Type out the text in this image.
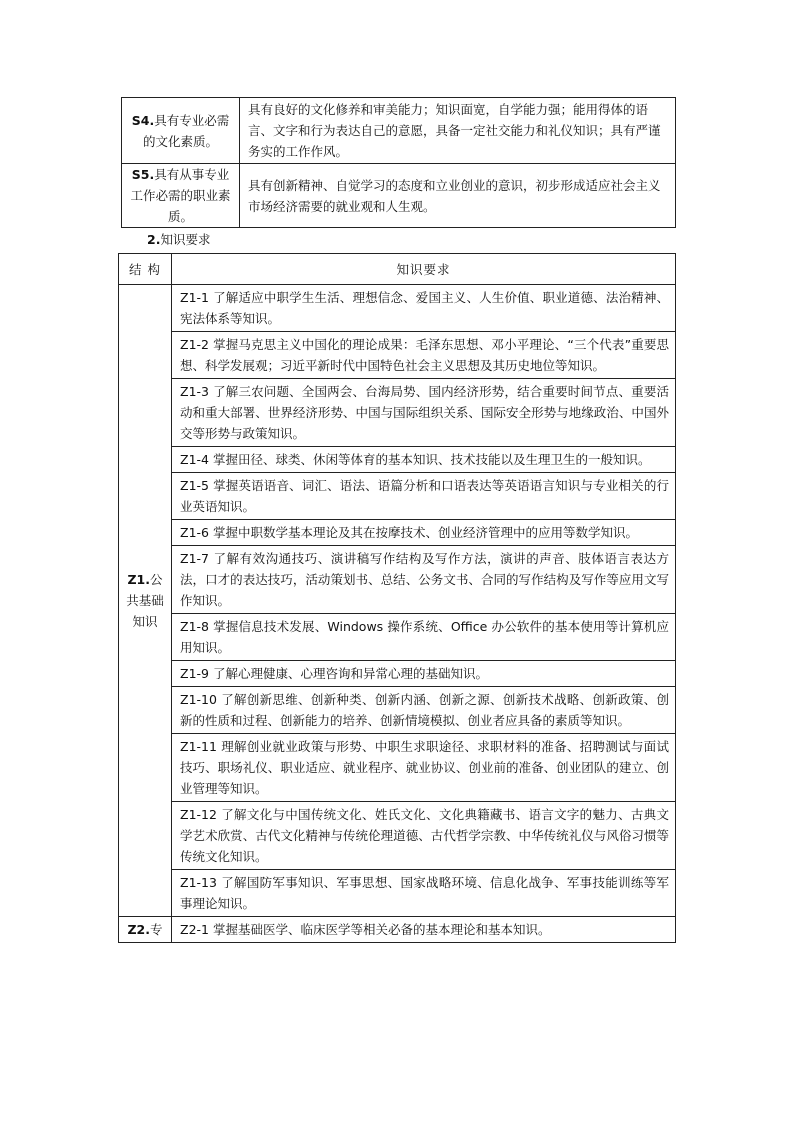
S4.具有专业必需的文化素质。	具有良好的文化修养和审美能力；知识面宽，自学能力强；能用得体的语言、文字和行为表达自己的意愿，具备一定社交能力和礼仪知识；具有严谨务实的工作作风。
S5.具有从事专业工作必需的职业素质。	具有创新精神、自觉学习的态度和立业创业的意识，初步形成适应社会主义市场经济需要的就业观和人生观。
2.知识要求
结 构	知识要求
Z1.公共基础知识	Z1-1 了解适应中职学生生活、理想信念、爱国主义、人生价值、职业道德、法治精神、宪法体系等知识。
	Z1-2 掌握马克思主义中国化的理论成果：毛泽东思想、邓小平理论、“三个代表”重要思想、科学发展观；习近平新时代中国特色社会主义思想及其历史地位等知识。
	Z1-3 了解三农问题、全国两会、台海局势、国内经济形势，结合重要时间节点、重要活动和重大部署、世界经济形势、中国与国际组织关系、国际安全形势与地缘政治、中国外交等形势与政策知识。
	Z1-4 掌握田径、球类、休闲等体育的基本知识、技术技能以及生理卫生的一般知识。
	Z1-5 掌握英语语音、词汇、语法、语篇分析和口语表达等英语语言知识与专业相关的行业英语知识。
	Z1-6 掌握中职数学基本理论及其在按摩技术、创业经济管理中的应用等数学知识。
	Z1-7 了解有效沟通技巧、演讲稿写作结构及写作方法，演讲的声音、肢体语言表达方法，口才的表达技巧，活动策划书、总结、公务文书、合同的写作结构及写作等应用文写作知识。
	Z1-8 掌握信息技术发展、Windows 操作系统、Office 办公软件的基本使用等计算机应用知识。
	Z1-9 了解心理健康、心理咨询和异常心理的基础知识。
	Z1-10 了解创新思维、创新种类、创新内涵、创新之源、创新技术战略、创新政策、创新的性质和过程、创新能力的培养、创新情境模拟、创业者应具备的素质等知识。
	Z1-11 理解创业就业政策与形势、中职生求职途径、求职材料的准备、招聘测试与面试技巧、职场礼仪、职业适应、就业程序、就业协议、创业前的准备、创业团队的建立、创业管理等知识。
	Z1-12 了解文化与中国传统文化、姓氏文化、文化典籍藏书、语言文字的魅力、古典文学艺术欣赏、古代文化精神与传统伦理道德、古代哲学宗教、中华传统礼仪与风俗习惯等传统文化知识。
	Z1-13 了解国防军事知识、军事思想、国家战略环境、信息化战争、军事技能训练等军事理论知识。
Z2.专	Z2-1 掌握基础医学、临床医学等相关必备的基本理论和基本知识。
